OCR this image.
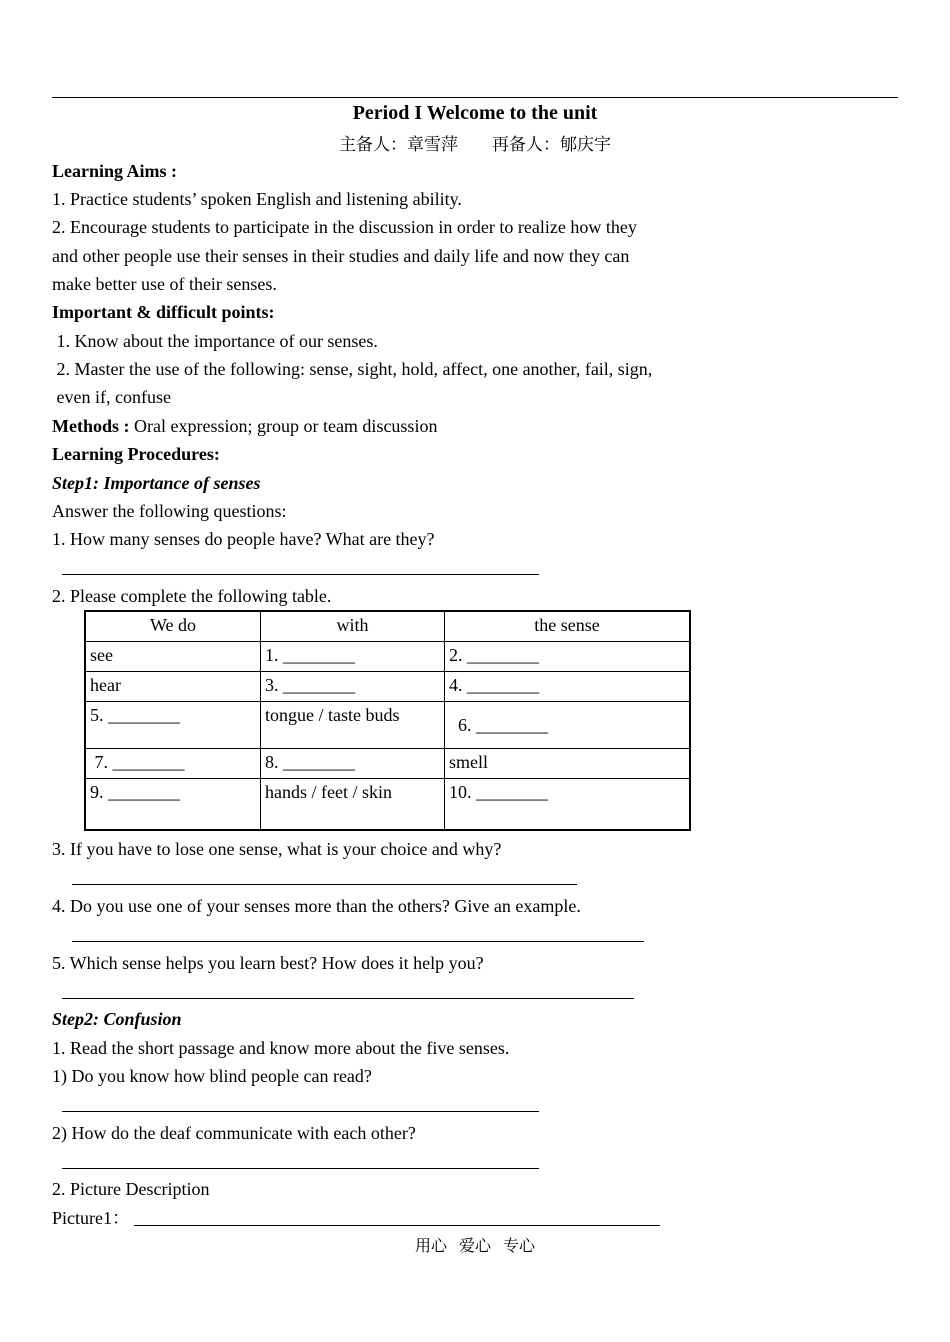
Period I Welcome to the unit
主备人：章雪萍        再备人：郇庆宇
Learning Aims :
1. Practice students’ spoken English and listening ability.
2. Encourage students to participate in the discussion in order to realize how they
and other people use their senses in their studies and daily life and now they can
make better use of their senses.
Important & difficult points:
1. Know about the importance of our senses.
2. Master the use of the following: sense, sight, hold, affect, one another, fail, sign,
even if, confuse
Methods : Oral expression; group or team discussion
Learning Procedures:
Step1: Importance of senses
Answer the following questions:
1. How many senses do people have? What are they?
2. Please complete the following table.
We do	with	the sense
see	1. ________	2. ________
hear	3. ________	4. ________
5. ________	tongue / taste buds	6. ________
7. ________	8. ________	smell
9. ________	hands / feet / skin	10. ________
3. If you have to lose one sense, what is your choice and why?
4. Do you use one of your senses more than the others? Give an example.
5. Which sense helps you learn best? How does it help you?
Step2: Confusion
1. Read the short passage and know more about the five senses.
1) Do you know how blind people can read?
2) How do the deaf communicate with each other?
2. Picture Description
Picture1：
用心   爱心   专心
